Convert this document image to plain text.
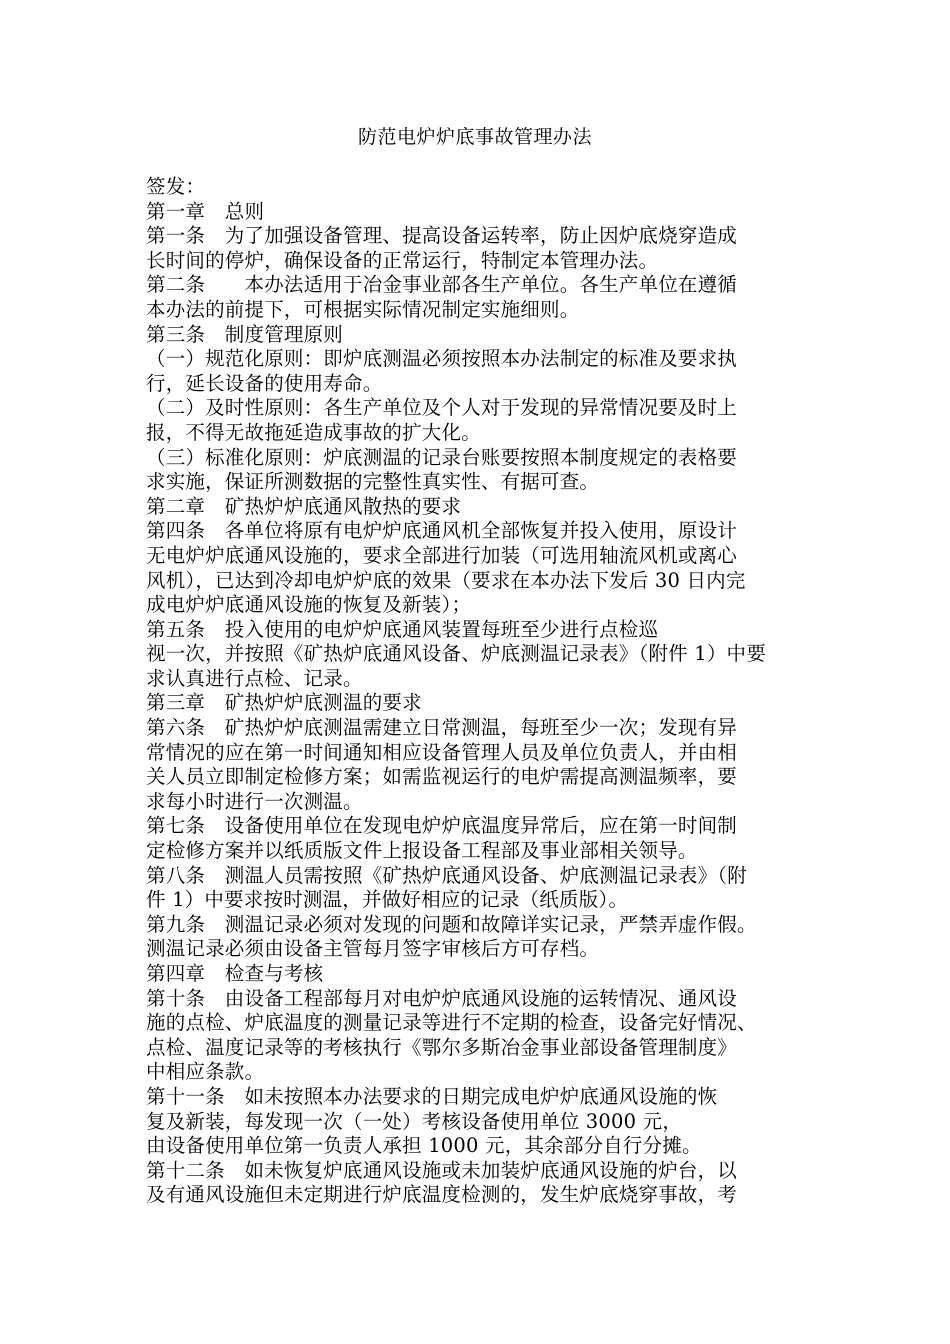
防范电炉炉底事故管理办法
签发：
第一章　总则
第一条　为了加强设备管理、提高设备运转率，防止因炉底烧穿造成
长时间的停炉，确保设备的正常运行，特制定本管理办法。
第二条　　本办法适用于冶金事业部各生产单位。各生产单位在遵循
本办法的前提下，可根据实际情况制定实施细则。
第三条　制度管理原则
（一）规范化原则：即炉底测温必须按照本办法制定的标准及要求执
行，延长设备的使用寿命。
（二）及时性原则：各生产单位及个人对于发现的异常情况要及时上
报，不得无故拖延造成事故的扩大化。
（三）标准化原则：炉底测温的记录台账要按照本制度规定的表格要
求实施，保证所测数据的完整性真实性、有据可查。
第二章　矿热炉炉底通风散热的要求
第四条　各单位将原有电炉炉底通风机全部恢复并投入使用，原设计
无电炉炉底通风设施的，要求全部进行加装（可选用轴流风机或离心
风机），已达到冷却电炉炉底的效果（要求在本办法下发后 30 日内完
成电炉炉底通风设施的恢复及新装）；
第五条　投入使用的电炉炉底通风装置每班至少进行点检巡
视一次，并按照《矿热炉底通风设备、炉底测温记录表》（附件 1）中要
求认真进行点检、记录。
第三章　矿热炉炉底测温的要求
第六条　矿热炉炉底测温需建立日常测温，每班至少一次；发现有异
常情况的应在第一时间通知相应设备管理人员及单位负责人，并由相
关人员立即制定检修方案；如需监视运行的电炉需提高测温频率，要
求每小时进行一次测温。
第七条　设备使用单位在发现电炉炉底温度异常后，应在第一时间制
定检修方案并以纸质版文件上报设备工程部及事业部相关领导。
第八条　测温人员需按照《矿热炉底通风设备、炉底测温记录表》（附
件 1）中要求按时测温，并做好相应的记录（纸质版）。
第九条　测温记录必须对发现的问题和故障详实记录，严禁弄虚作假。
测温记录必须由设备主管每月签字审核后方可存档。
第四章　检查与考核
第十条　由设备工程部每月对电炉炉底通风设施的运转情况、通风设
施的点检、炉底温度的测量记录等进行不定期的检查，设备完好情况、
点检、温度记录等的考核执行《鄂尔多斯冶金事业部设备管理制度》
中相应条款。
第十一条　如未按照本办法要求的日期完成电炉炉底通风设施的恢
复及新装，每发现一次（一处）考核设备使用单位 3000 元，
由设备使用单位第一负责人承担 1000 元，其余部分自行分摊。
第十二条　如未恢复炉底通风设施或未加装炉底通风设施的炉台，以
及有通风设施但未定期进行炉底温度检测的，发生炉底烧穿事故，考
